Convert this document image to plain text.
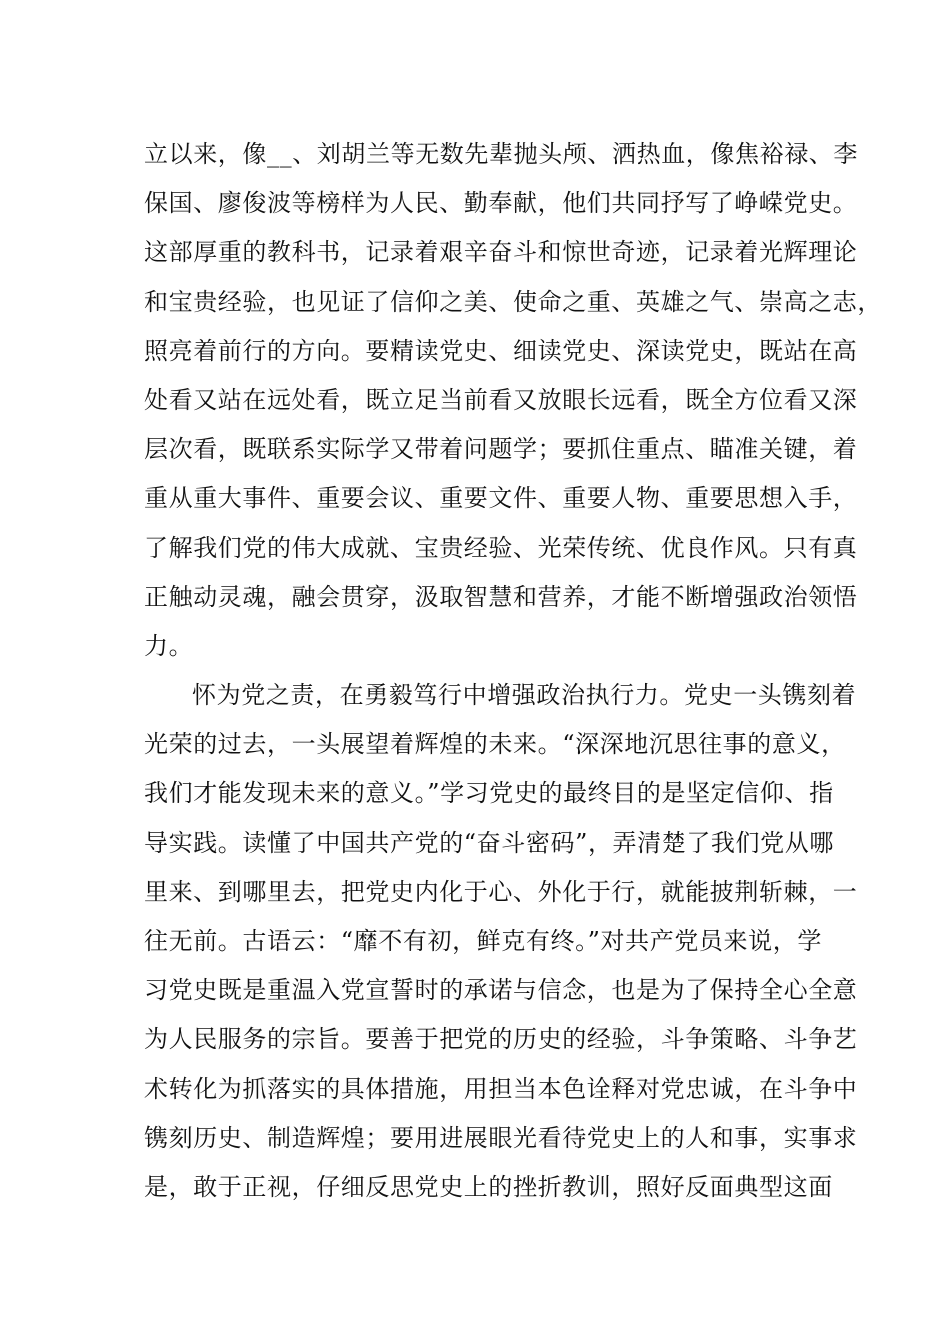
立以来，像__、刘胡兰等无数先辈抛头颅、洒热血，像焦裕禄、李
保国、廖俊波等榜样为人民、勤奉献，他们共同抒写了峥嵘党史。
这部厚重的教科书，记录着艰辛奋斗和惊世奇迹，记录着光辉理论
和宝贵经验，也见证了信仰之美、使命之重、英雄之气、崇高之志，
照亮着前行的方向。要精读党史、细读党史、深读党史，既站在高
处看又站在远处看，既立足当前看又放眼长远看，既全方位看又深
层次看，既联系实际学又带着问题学；要抓住重点、瞄准关键，着
重从重大事件、重要会议、重要文件、重要人物、重要思想入手，
了解我们党的伟大成就、宝贵经验、光荣传统、优良作风。只有真
正触动灵魂，融会贯穿，汲取智慧和营养，才能不断增强政治领悟
力。
怀为党之责，在勇毅笃行中增强政治执行力。党史一头镌刻着
光荣的过去，一头展望着辉煌的未来。“深深地沉思往事的意义，
我们才能发现未来的意义。”学习党史的最终目的是坚定信仰、指
导实践。读懂了中国共产党的“奋斗密码”，弄清楚了我们党从哪
里来、到哪里去，把党史内化于心、外化于行，就能披荆斩棘，一
往无前。古语云：“靡不有初，鲜克有终。”对共产党员来说，学
习党史既是重温入党宣誓时的承诺与信念，也是为了保持全心全意
为人民服务的宗旨。要善于把党的历史的经验，斗争策略、斗争艺
术转化为抓落实的具体措施，用担当本色诠释对党忠诚，在斗争中
镌刻历史、制造辉煌；要用进展眼光看待党史上的人和事，实事求
是，敢于正视，仔细反思党史上的挫折教训，照好反面典型这面
